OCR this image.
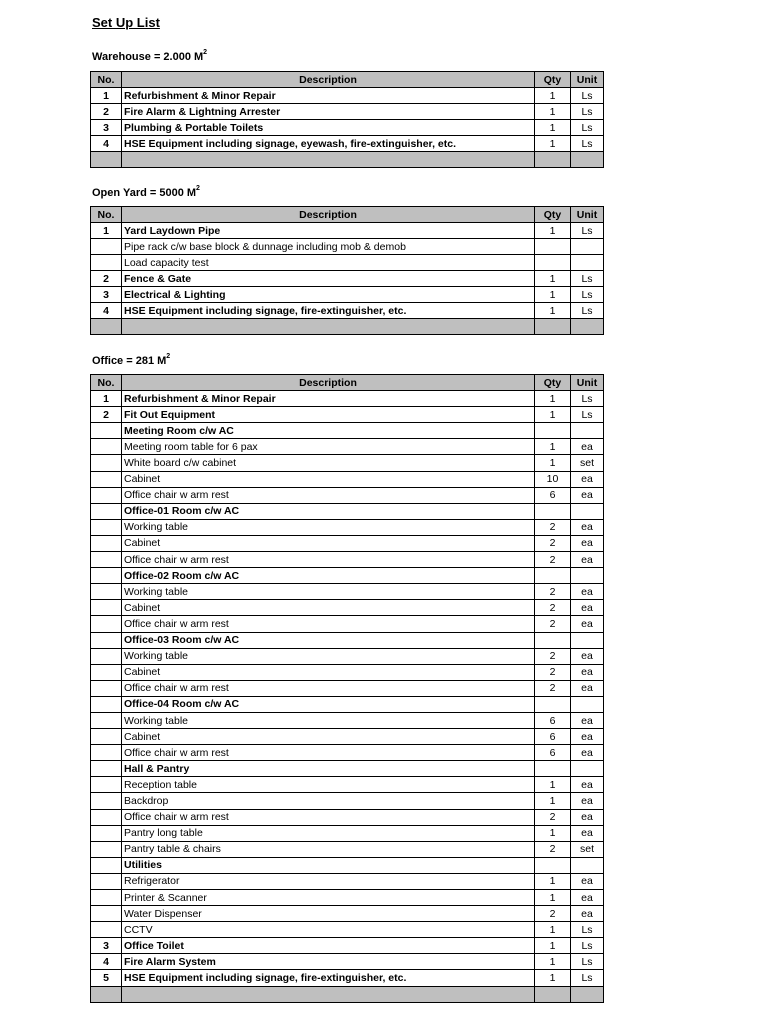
Set Up List
Warehouse = 2.000 $M^2$
No.	Description	Qty	Unit
1	Refurbishment & Minor Repair	1	Ls
2	Fire Alarm & Lightning Arrester	1	Ls
3	Plumbing & Portable Toilets	1	Ls
4	HSE Equipment including signage, eyewash, fire-extinguisher, etc.	1	Ls

Open Yard = 5000 $M^2$
No.	Description	Qty	Unit
1	Yard Laydown Pipe	1	Ls
	Pipe rack c/w base block & dunnage including mob & demob		
	Load capacity test		
2	Fence & Gate	1	Ls
3	Electrical & Lighting	1	Ls
4	HSE Equipment including signage, fire-extinguisher, etc.	1	Ls

Office = 281 $M^2$
No.	Description	Qty	Unit
1	Refurbishment & Minor Repair	1	Ls
2	Fit Out Equipment	1	Ls
	Meeting Room c/w AC		
	Meeting room table for 6 pax	1	ea
	White board c/w cabinet	1	set
	Cabinet	10	ea
	Office chair w arm rest	6	ea
	Office-01 Room c/w AC		
	Working table	2	ea
	Cabinet	2	ea
	Office chair w arm rest	2	ea
	Office-02 Room c/w AC		
	Working table	2	ea
	Cabinet	2	ea
	Office chair w arm rest	2	ea
	Office-03 Room c/w AC		
	Working table	2	ea
	Cabinet	2	ea
	Office chair w arm rest	2	ea
	Office-04 Room c/w AC		
	Working table	6	ea
	Cabinet	6	ea
	Office chair w arm rest	6	ea
	Hall & Pantry		
	Reception table	1	ea
	Backdrop	1	ea
	Office chair w arm rest	2	ea
	Pantry long table	1	ea
	Pantry table & chairs	2	set
	Utilities		
	Refrigerator	1	ea
	Printer & Scanner	1	ea
	Water Dispenser	2	ea
	CCTV	1	Ls
3	Office Toilet	1	Ls
4	Fire Alarm System	1	Ls
5	HSE Equipment including signage, fire-extinguisher, etc.	1	Ls
